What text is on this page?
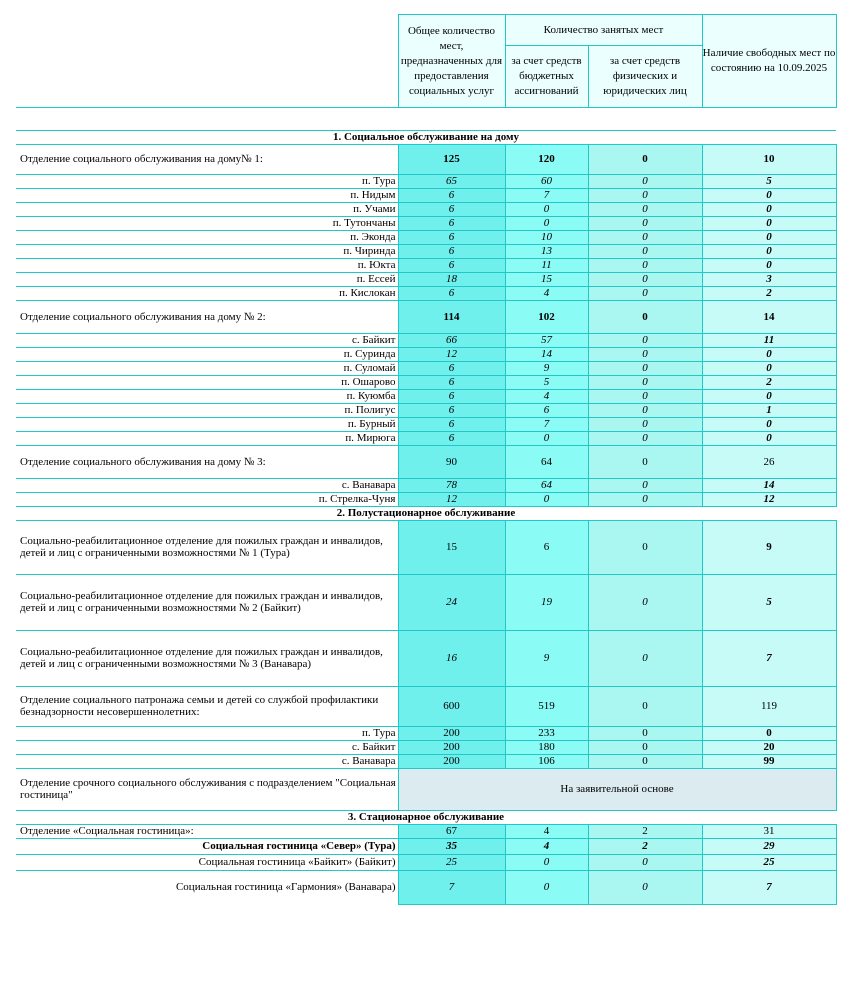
	Общее количество мест, предназначенных для предоставления социальных услуг	Количество занятых мест		Наличие свободных мест по состоянию на 10.09.2025
		за счет средств бюджетных ассигнований	за счет средств физических и юридических лиц	

1. Социальное обслуживание на дому				
Отделение социального обслуживания на дому№ 1:	125	120	0	10
п. Тура	65	60	0	5
п. Нидым	6	7	0	0
п. Учами	6	0	0	0
п. Тутончаны	6	0	0	0
п. Эконда	6	10	0	0
п. Чиринда	6	13	0	0
п. Юкта	6	11	0	0
п. Ессей	18	15	0	3
п. Кислокан	6	4	0	2
Отделение социального обслуживания на дому № 2:	114	102	0	14
с. Байкит	66	57	0	11
п. Суринда	12	14	0	0
п. Суломай	6	9	0	0
п. Ошарово	6	5	0	2
п. Куюмба	6	4	0	0
п. Полигус	6	6	0	1
п. Бурный	6	7	0	0
п. Мирюга	6	0	0	0
Отделение социального обслуживания на дому № 3:	90	64	0	26
с. Ванавара	78	64	0	14
п. Стрелка-Чуня	12	0	0	12
2. Полустационарное обслуживание				
Социально-реабилитационное отделение для пожилых граждан и инвалидов, детей и лиц с ограниченными возможностями № 1 (Тура)	15	6	0	9
Социально-реабилитационное отделение для пожилых граждан и инвалидов, детей и лиц с ограниченными возможностями № 2 (Байкит)	24	19	0	5
Социально-реабилитационное отделение для пожилых граждан и инвалидов, детей и лиц с ограниченными возможностями № 3 (Ванавара)	16	9	0	7
Отделение социального патронажа семьи и детей со службой профилактики безнадзорности несовершеннолетних:	600	519	0	119
п. Тура	200	233	0	0
с. Байкит	200	180	0	20
с. Ванавара	200	106	0	99
Отделение срочного социального обслуживания с подразделением "Социальная гостиница"	На заявительной основе			
3. Стационарное обслуживание				
Отделение «Социальная гостиница»:	67	4	2	31
Социальная гостиница «Север» (Тура)	35	4	2	29
Социальная гостиница «Байкит» (Байкит)	25	0	0	25
Социальная гостиница «Гармония» (Ванавара)	7	0	0	7
